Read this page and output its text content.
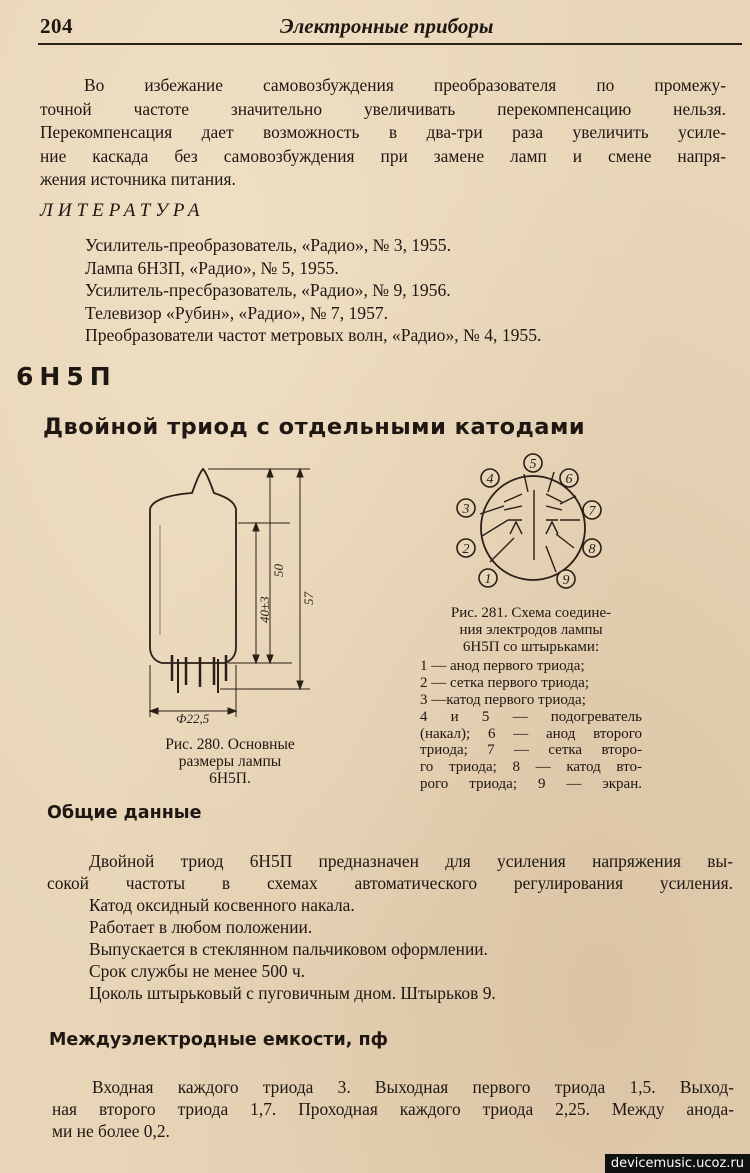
204	Электронные приборы
Во избежание самовозбуждения преобразователя по промежу-
точной частоте значительно увеличивать перекомпенсацию нельзя.
Перекомпенсация дает возможность в два-три раза увеличить усиле-
ние каскада без самовозбуждения при замене ламп и смене напря-
жения источника питания.
ЛИТЕРАТУРА
Усилитель-преобразователь, «Радио», № 3, 1955.
Лампа 6Н3П, «Радио», № 5, 1955.
Усилитель-пресбразователь, «Радио», № 9, 1956.
Телевизор «Рубин», «Радио», № 7, 1957.
Преобразователи частот метровых волн, «Радио», № 4, 1955.
6Н5П
Двойной триод с отдельными катодами
50
57
40±3
Ф22,5
Рис. 280. Основные
размеры лампы
6Н5П.
1
2
3
4
5
6
7
8
9
Рис. 281. Схема соедине-
ния электродов лампы
6Н5П со штырьками:
1 — анод первого триода;
2 — сетка первого триода;
3 —катод первого триода;
4 и 5 — подогреватель
(накал); 6 — анод второго
триода; 7 — сетка второ-
го триода; 8 — катод вто-
рого триода; 9 — экран.
Общие данные
Двойной триод 6Н5П предназначен для усиления напряжения вы-
сокой частоты в схемах автоматического регулирования усиления.
Катод оксидный косвенного накала.
Работает в любом положении.
Выпускается в стеклянном пальчиковом оформлении.
Срок службы не менее 500 ч.
Цоколь штырьковый с пуговичным дном. Штырьков 9.
Междуэлектродные емкости, пф
Входная каждого триода 3. Выходная первого триода 1,5. Выход-
ная второго триода 1,7. Проходная каждого триода 2,25. Между анода-
ми не более 0,2.
devicemusic.ucoz.ru
